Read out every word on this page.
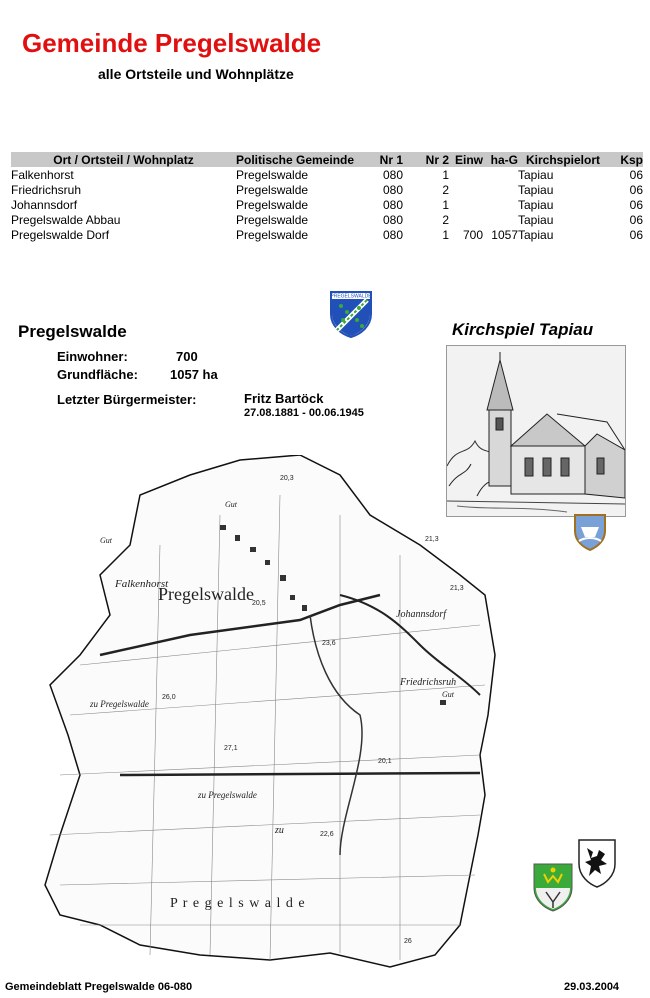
Gemeinde Pregelswalde
alle Ortsteile und Wohnplätze
Ort / Ortsteil / Wohnplatz	Politische Gemeinde	Nr 1	Nr 2	Einw	ha-G	Kirchspielort	Ksp
Falkenhorst	Pregelswalde	080	1			Tapiau	06
Friedrichsruh	Pregelswalde	080	2			Tapiau	06
Johannsdorf	Pregelswalde	080	1			Tapiau	06
Pregelswalde Abbau	Pregelswalde	080	2			Tapiau	06
Pregelswalde Dorf	Pregelswalde	080	1	700	1057	Tapiau	06
PREGELSWALDE
Pregelswalde	Kirchspiel Tapiau
Einwohner:	700
Grundfläche: 1057 ha
Letzter Bürgermeister:	Fritz Bartöck
27.08.1881 - 00.06.1945
Falkenhorst
Pregelswalde
Johannsdorf
Friedrichsruh
Gut
Gut
Gut
zu Pregelswalde
zu Pregelswalde
zu
P r e g e l s w a l d e
20,3
20,5
21,3
26,0
23,6
22,6
21,3
20,1
26
27,1
Gemeindeblatt Pregelswalde 06-080	29.03.2004
